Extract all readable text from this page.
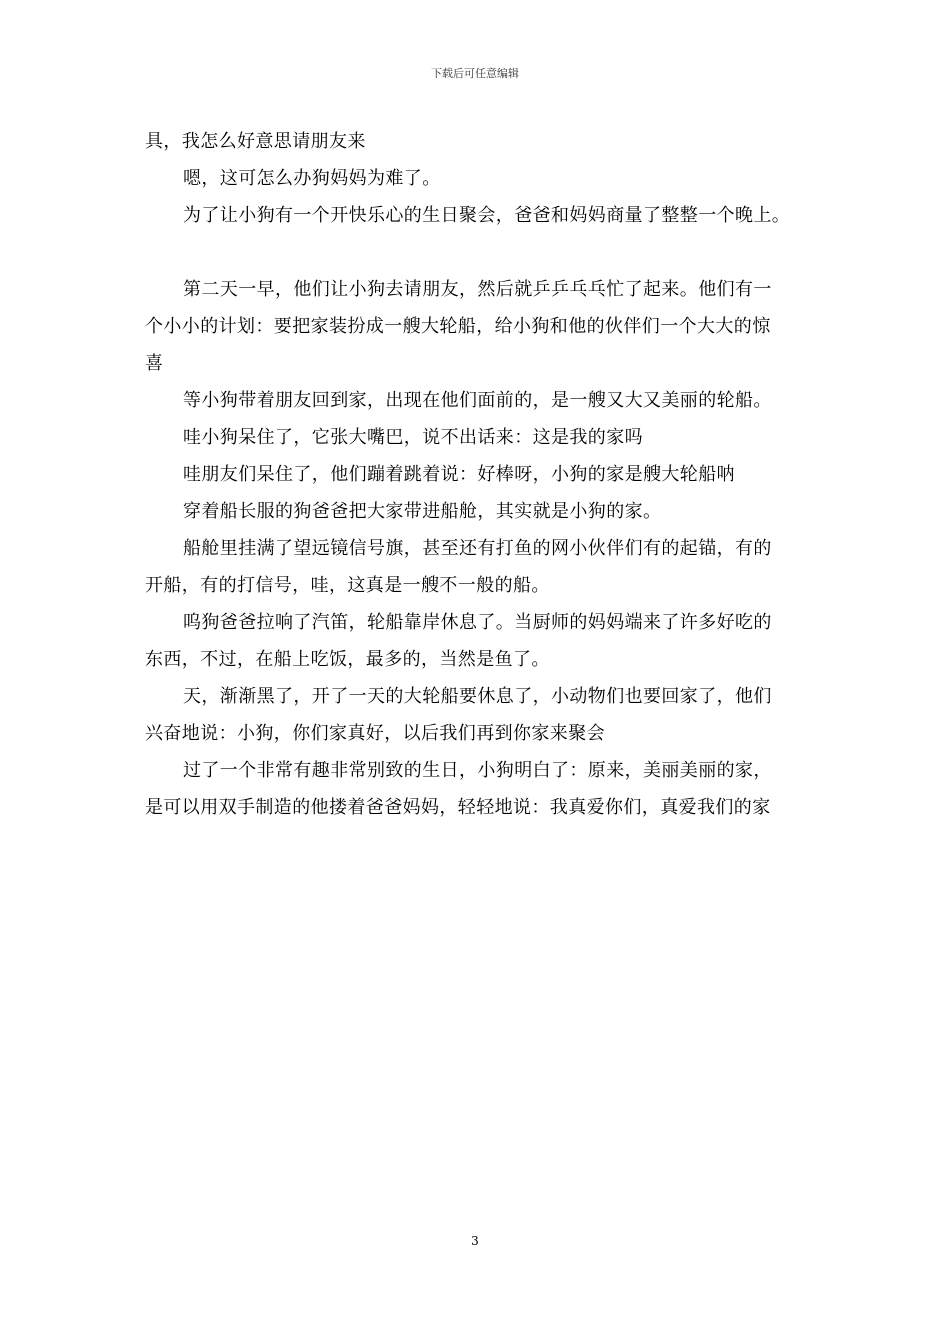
下载后可任意编辑

具，我怎么好意思请朋友来

嗯，这可怎么办狗妈妈为难了。

为了让小狗有一个开快乐心的生日聚会，爸爸和妈妈商量了整整一个晚上。

第二天一早，他们让小狗去请朋友，然后就乒乒乓乓忙了起来。他们有一

个小小的计划：要把家装扮成一艘大轮船，给小狗和他的伙伴们一个大大的惊

喜

等小狗带着朋友回到家，出现在他们面前的，是一艘又大又美丽的轮船。

哇小狗呆住了，它张大嘴巴，说不出话来：这是我的家吗

哇朋友们呆住了，他们蹦着跳着说：好棒呀，小狗的家是艘大轮船呐

穿着船长服的狗爸爸把大家带进船舱，其实就是小狗的家。

船舱里挂满了望远镜信号旗，甚至还有打鱼的网小伙伴们有的起锚，有的

开船，有的打信号，哇，这真是一艘不一般的船。

呜狗爸爸拉响了汽笛，轮船靠岸休息了。当厨师的妈妈端来了许多好吃的

东西，不过，在船上吃饭，最多的，当然是鱼了。

天，渐渐黑了，开了一天的大轮船要休息了，小动物们也要回家了，他们

兴奋地说：小狗，你们家真好，以后我们再到你家来聚会

过了一个非常有趣非常别致的生日，小狗明白了：原来，美丽美丽的家，

是可以用双手制造的他搂着爸爸妈妈，轻轻地说：我真爱你们，真爱我们的家

3
